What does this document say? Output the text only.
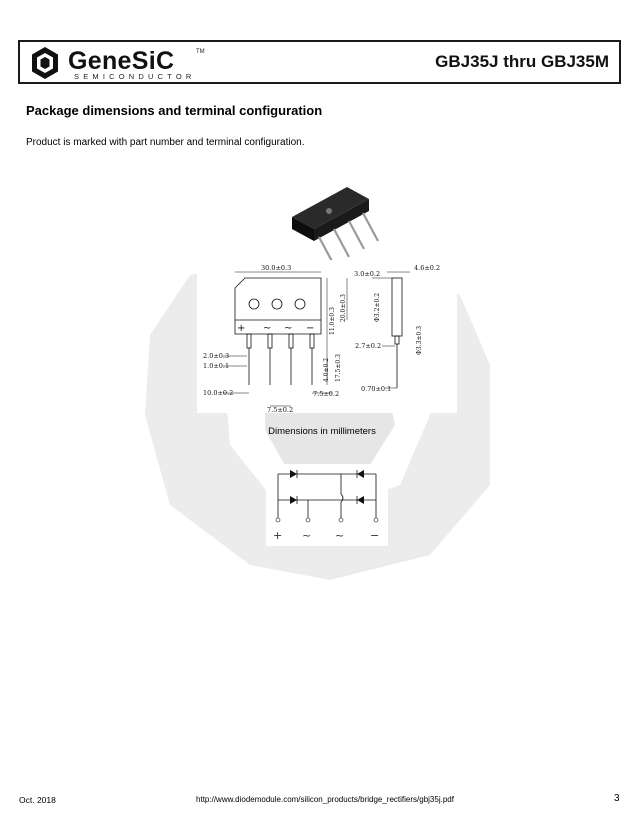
GeneSiC	TM
SEMICONDUCTOR
GBJ35J thru GBJ35M
Package dimensions and terminal configuration
Product is marked with part number and terminal configuration.
30.0±0.3
3.0±0.2
4.6±0.2
2.0±0.3
1.0±0.1
10.0±0.2
7.5±0.2
7.5±0.2
2.7±0.2
0.70±0.1
11.0±0.3 20.0±0.3
4.0±0.2 17.5±0.3
Φ3.2±0.2
Φ3.3±0.3
+ ~ ~ −
Dimensions in millimeters
+ ~ ~ −
Oct. 2018	http://www.diodemodule.com/silicon_products/bridge_rectifiers/gbj35j.pdf	3
